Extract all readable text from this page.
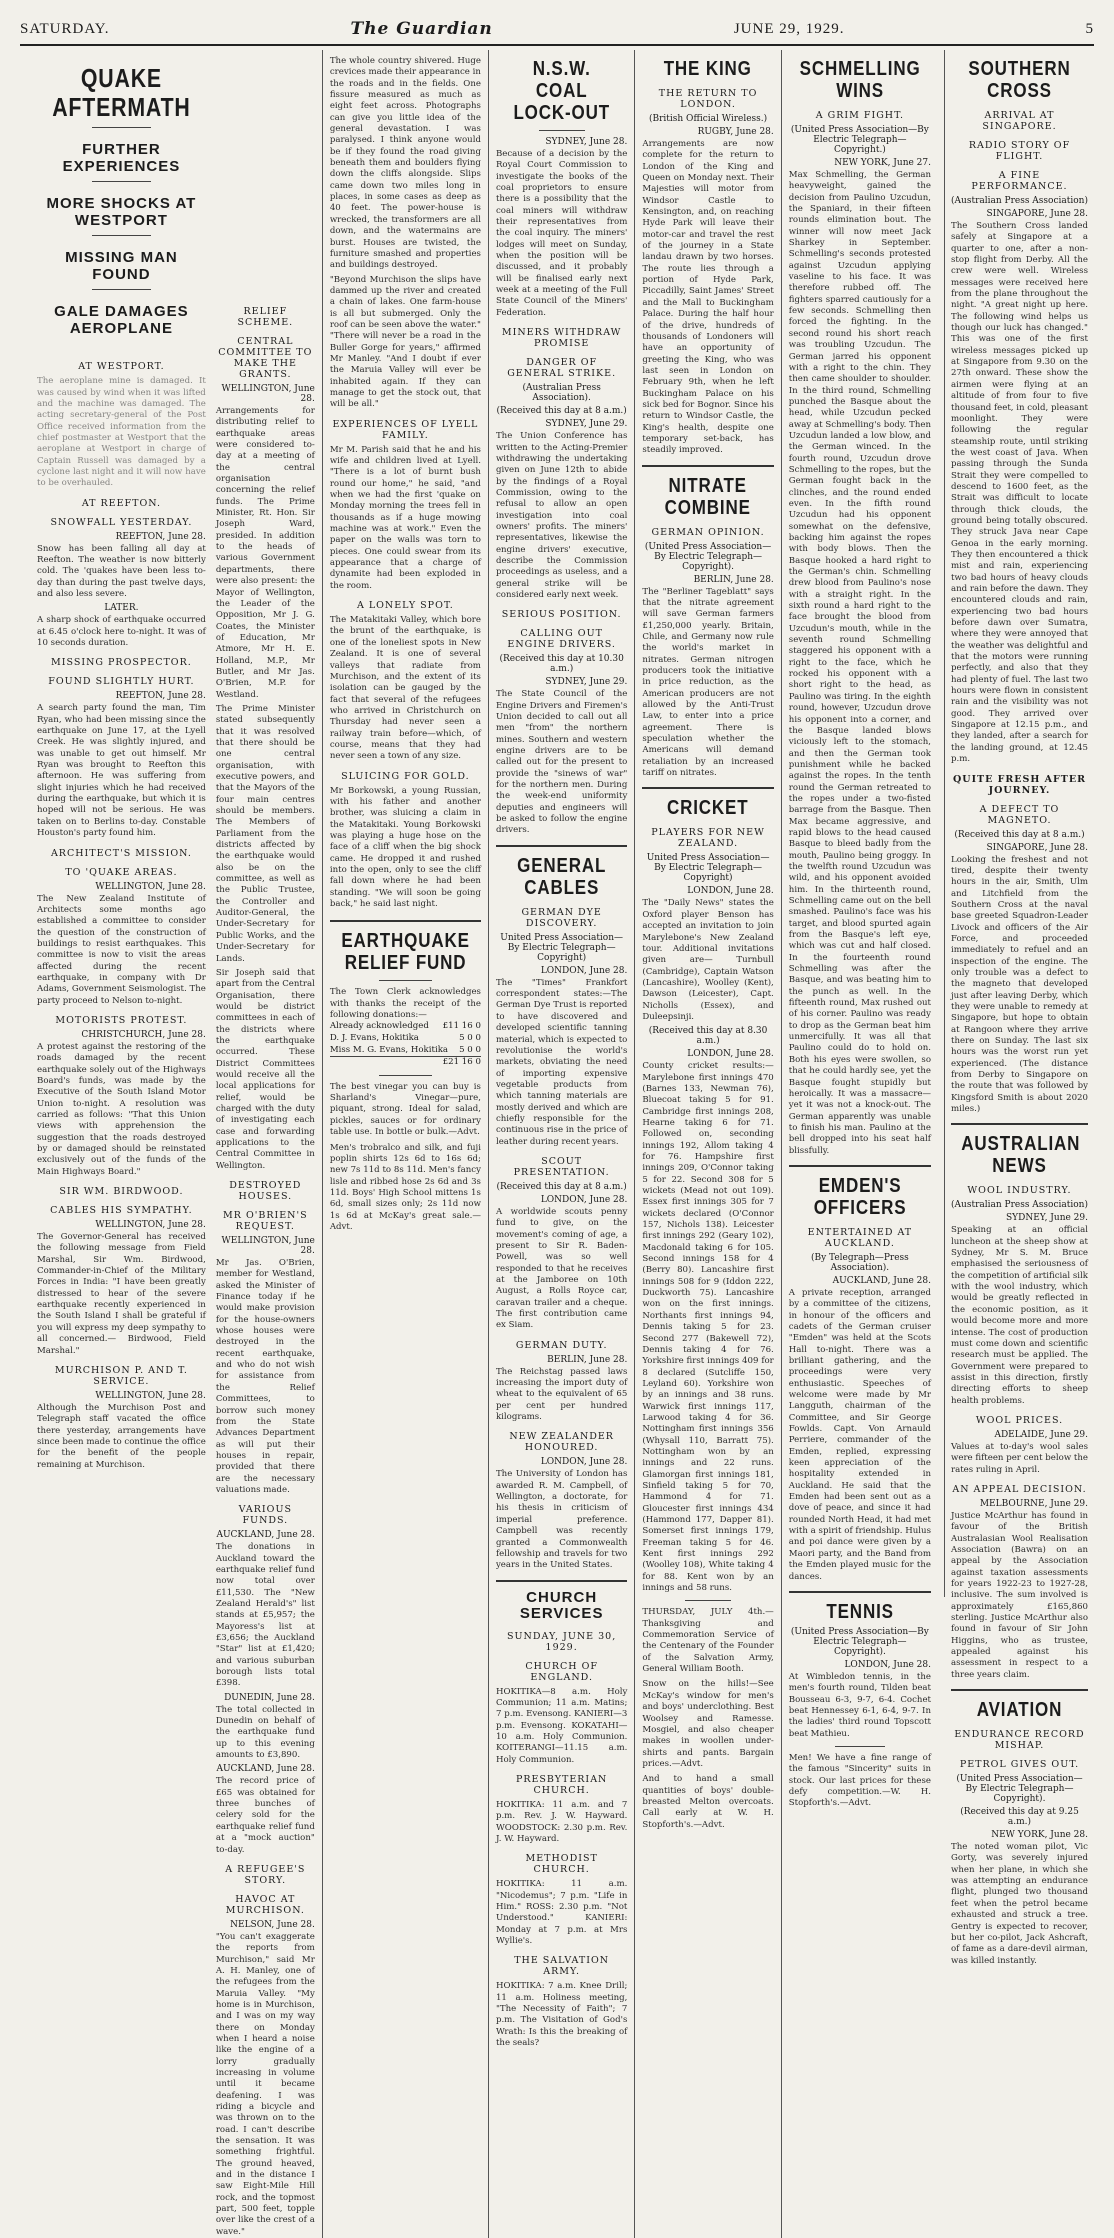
SATURDAY.	The Guardian	JUNE 29, 1929.	5
QUAKE AFTERMATH
FURTHER EXPERIENCES
MORE SHOCKS AT WESTPORT
MISSING MAN FOUND
GALE DAMAGES AEROPLANE
AT WESTPORT.

The aeroplane mine is damaged. It was caused by wind when it was lifted and the machine was damaged. The acting secretary-general of the Post Office received information from the chief postmaster at Westport that the aeroplane at Westport in charge of Captain Russell was damaged by a cyclone last night and it will now have to be overhauled.

AT REEFTON.
SNOWFALL YESTERDAY.
REEFTON, June 28.

Snow has been falling all day at Reefton. The weather is now bitterly cold. The 'quakes have been less to-day than during the past twelve days, and also less severe.

LATER.

A sharp shock of earthquake occurred at 6.45 o'clock here to-night. It was of 10 seconds duration.

MISSING PROSPECTOR.
FOUND SLIGHTLY HURT.
REEFTON, June 28.

A search party found the man, Tim Ryan, who had been missing since the earthquake on June 17, at the Lyell Creek. He was slightly injured, and was unable to get out himself. Mr Ryan was brought to Reefton this afternoon. He was suffering from slight injuries which he had received during the earthquake, but which it is hoped will not be serious. He was taken on to Berlins to-day. Constable Houston's party found him.

ARCHITECT'S MISSION.
TO 'QUAKE AREAS.
WELLINGTON, June 28.

The New Zealand Institute of Architects some months ago established a committee to consider the question of the construction of buildings to resist earthquakes. This committee is now to visit the areas affected during the recent earthquake, in company with Dr Adams, Government Seismologist. The party proceed to Nelson to-night.

MOTORISTS PROTEST.
CHRISTCHURCH, June 28.

A protest against the restoring of the roads damaged by the recent earthquake solely out of the Highways Board's funds, was made by the Executive of the South Island Motor Union to-night. A resolution was carried as follows: "That this Union views with apprehension the suggestion that the roads destroyed by or damaged should be reinstated exclusively out of the funds of the Main Highways Board."

SIR WM. BIRDWOOD.
CABLES HIS SYMPATHY.
WELLINGTON, June 28.

The Governor-General has received the following message from Field Marshal, Sir Wm. Birdwood, Commander-in-Chief of the Military Forces in India: "I have been greatly distressed to hear of the severe earthquake recently experienced in the South Island I shall be grateful if you will express my deep sympathy to all concerned.— Birdwood, Field Marshal."

MURCHISON P. AND T. SERVICE.
WELLINGTON, June 28.

Although the Murchison Post and Telegraph staff vacated the office there yesterday, arrangements have since been made to continue the office for the benefit of the people remaining at Murchison.

RELIEF SCHEME.
CENTRAL COMMITTEE TO MAKE THE GRANTS.
WELLINGTON, June 28.

Arrangements for distributing relief to earthquake areas were considered to-day at a meeting of the central organisation concerning the relief funds. The Prime Minister, Rt. Hon. Sir Joseph Ward, presided. In addition to the heads of various Government departments, there were also present: the Mayor of Wellington, the Leader of the Opposition, Mr J. G. Coates, the Minister of Education, Mr Atmore, Mr H. E. Holland, M.P., Mr Butler, and Mr Jas. O'Brien, M.P. for Westland.

The Prime Minister stated subsequently that it was resolved that there should be one central organisation, with executive powers, and that the Mayors of the four main centres should be members. The Members of Parliament from the districts affected by the earthquake would also be on the committee, as well as the Public Trustee, the Controller and Auditor-General, the Under-Secretary for Public Works, and the Under-Secretary for Lands.

Sir Joseph said that apart from the Central Organisation, there would be district committees in each of the districts where the earthquake occurred. These District Committees would receive all the local applications for relief, would be charged with the duty of investigating each case and forwarding applications to the Central Committee in Wellington.

DESTROYED HOUSES.
MR O'BRIEN'S REQUEST.
WELLINGTON, June 28.

Mr Jas. O'Brien, member for Westland, asked the Minister of Finance today if he would make provision for the house-owners whose houses were destroyed in the recent earthquake, and who do not wish for assistance from the Relief Committees, to borrow such money from the State Advances Department as will put their houses in repair, provided that there are the necessary valuations made.

VARIOUS FUNDS.
AUCKLAND, June 28.

The donations in Auckland toward the earthquake relief fund now total over £11,530. The "New Zealand Herald's" list stands at £5,957; the Mayoress's list at £3,656; the Auckland "Star" list at £1,420; and various suburban borough lists total £398.

DUNEDIN, June 28.

The total collected in Dunedin on behalf of the earthquake fund up to this evening amounts to £3,890.

AUCKLAND, June 28.

The record price of £65 was obtained for three bunches of celery sold for the earthquake relief fund at a "mock auction" to-day.

A REFUGEE'S STORY.
HAVOC AT MURCHISON.
NELSON, June 28.

"You can't exaggerate the reports from Murchison," said Mr A. H. Manley, one of the refugees from the Maruia Valley. "My home is in Murchison, and I was on my way there on Monday when I heard a noise like the engine of a lorry gradually increasing in volume until it became deafening. I was riding a bicycle and was thrown on to the road. I can't describe the sensation. It was something frightful. The ground heaved, and in the distance I saw Eight-Mile Hill rock, and the topmost part, 500 feet, topple over like the crest of a wave."

The whole country shivered. Huge crevices made their appearance in the roads and in the fields. One fissure measured as much as eight feet across. Photographs can give you little idea of the general devastation. I was paralysed. I think anyone would be if they found the road giving beneath them and boulders flying down the cliffs alongside. Slips came down two miles long in places, in some cases as deep as 40 feet. The power-house is wrecked, the transformers are all down, and the watermains are burst. Houses are twisted, the furniture smashed and properties and buildings destroyed.

"Beyond Murchison the slips have dammed up the river and created a chain of lakes. One farm-house is all but submerged. Only the roof can be seen above the water." "There will never be a road in the Buller Gorge for years," affirmed Mr Manley. "And I doubt if ever the Maruia Valley will ever be inhabited again. If they can manage to get the stock out, that will be all."

EXPERIENCES OF LYELL FAMILY.

Mr M. Parish said that he and his wife and children lived at Lyell. "There is a lot of burnt bush round our home," he said, "and when we had the first 'quake on Monday morning the trees fell in thousands as if a huge mowing machine was at work." Even the paper on the walls was torn to pieces. One could swear from its appearance that a charge of dynamite had been exploded in the room.

A LONELY SPOT.

The Matakitaki Valley, which bore the brunt of the earthquake, is one of the loneliest spots in New Zealand. It is one of several valleys that radiate from Murchison, and the extent of its isolation can be gauged by the fact that several of the refugees who arrived in Christchurch on Thursday had never seen a railway train before—which, of course, means that they had never seen a town of any size.

SLUICING FOR GOLD.

Mr Borkowski, a young Russian, with his father and another brother, was sluicing a claim in the Matakitaki. Young Borkowski was playing a huge hose on the face of a cliff when the big shock came. He dropped it and rushed into the open, only to see the cliff fall down where he had been standing. "We will soon be going back," he said last night.

EARTHQUAKE RELIEF FUND

The Town Clerk acknowledges with thanks the receipt of the following donations:—

Already acknowledged £11 16 0
D. J. Evans, Hokitika	5 0 0
Miss M. G. Evans, Hokitika 5 0 0
£21 16 0

The best vinegar you can buy is Sharland's Vinegar—pure, piquant, strong. Ideal for salad, pickles, sauces or for ordinary table use. In bottle or bulk.—Advt.

Men's trobralco and silk, and fuji poplin shirts 12s 6d to 16s 6d; new 7s 11d to 8s 11d. Men's fancy lisle and ribbed hose 2s 6d and 3s 11d. Boys' High School mittens 1s 6d, small sizes only; 2s 11d now 1s 6d at McKay's great sale.—Advt.

N.S.W. COAL LOCK-OUT
SYDNEY, June 28.

Because of a decision by the Royal Court Commission to investigate the books of the coal proprietors to ensure there is a possibility that the coal miners will withdraw their representatives from the coal inquiry. The miners' lodges will meet on Sunday, when the position will be discussed, and it probably will be finalised early next week at a meeting of the Full State Council of the Miners' Federation.

MINERS WITHDRAW PROMISE
DANGER OF GENERAL STRIKE.
(Australian Press Association).
(Received this day at 8 a.m.)
SYDNEY, June 29.

The Union Conference has written to the Acting-Premier withdrawing the undertaking given on June 12th to abide by the findings of a Royal Commission, owing to the refusal to allow an open investigation into coal owners' profits. The miners' representatives, likewise the engine drivers' executive, describe the Commission proceedings as useless, and a general strike will be considered early next week.

SERIOUS POSITION.
CALLING OUT ENGINE DRIVERS.
(Received this day at 10.30 a.m.)
SYDNEY, June 29.

The State Council of the Engine Drivers and Firemen's Union decided to call out all men "from" the northern mines. Southern and western engine drivers are to be called out for the present to provide the "sinews of war" for the northern men. During the week-end uniformity deputies and engineers will be asked to follow the engine drivers.

GENERAL CABLES
GERMAN DYE DISCOVERY.
United Press Association—By Electric Telegraph—Copyright)
LONDON, June 28.

The "Times" Frankfort correspondent states:—The German Dye Trust is reported to have discovered and developed scientific tanning material, which is expected to revolutionise the world's markets, obviating the need of importing expensive vegetable products from which tanning materials are mostly derived and which are chiefly responsible for the continuous rise in the price of leather during recent years.

SCOUT PRESENTATION.
(Received this day at 8 a.m.)
LONDON, June 28.

A worldwide scouts penny fund to give, on the movement's coming of age, a present to Sir R. Baden-Powell, was so well responded to that he receives at the Jamboree on 10th August, a Rolls Royce car, caravan trailer and a cheque. The first contribution came ex Siam.

GERMAN DUTY.
BERLIN, June 28.

The Reichstag passed laws increasing the import duty of wheat to the equivalent of 65 per cent per hundred kilograms.

NEW ZEALANDER HONOURED.
LONDON, June 28.

The University of London has awarded R. M. Campbell, of Wellington, a doctorate, for his thesis in criticism of imperial preference. Campbell was recently granted a Commonwealth fellowship and travels for two years in the United States.

CHURCH SERVICES
SUNDAY, JUNE 30, 1929.
CHURCH OF ENGLAND.

HOKITIKA—8 a.m. Holy Communion; 11 a.m. Matins; 7 p.m. Evensong. KANIERI—3 p.m. Evensong. KOKATAHI—10 a.m. Holy Communion. KOITERANGI—11.15 a.m. Holy Communion.

PRESBYTERIAN CHURCH.

HOKITIKA: 11 a.m. and 7 p.m. Rev. J. W. Hayward. WOODSTOCK: 2.30 p.m. Rev. J. W. Hayward.

METHODIST CHURCH.

HOKITIKA: 11 a.m. "Nicodemus"; 7 p.m. "Life in Him." ROSS: 2.30 p.m. "Not Understood." KANIERI: Monday at 7 p.m. at Mrs Wyllie's.

THE SALVATION ARMY.

HOKITIKA: 7 a.m. Knee Drill; 11 a.m. Holiness meeting, "The Necessity of Faith"; 7 p.m. The Visitation of God's Wrath: Is this the breaking of the seals?

THE KING
THE RETURN TO LONDON.
(British Official Wireless.)
RUGBY, June 28.

Arrangements are now complete for the return to London of the King and Queen on Monday next. Their Majesties will motor from Windsor Castle to Kensington, and, on reaching Hyde Park will leave their motor-car and travel the rest of the journey in a State landau drawn by two horses. The route lies through a portion of Hyde Park, Piccadilly, Saint James' Street and the Mall to Buckingham Palace. During the half hour of the drive, hundreds of thousands of Londoners will have an opportunity of greeting the King, who was last seen in London on February 9th, when he left Buckingham Palace on his sick bed for Bognor. Since his return to Windsor Castle, the King's health, despite one temporary set-back, has steadily improved.

NITRATE COMBINE
GERMAN OPINION.
(United Press Association—By Electric Telegraph—Copyright).
BERLIN, June 28.

The "Berliner Tageblatt" says that the nitrate agreement will save German farmers £1,250,000 yearly. Britain, Chile, and Germany now rule the world's market in nitrates. German nitrogen producers took the initiative in price reduction, as the American producers are not allowed by the Anti-Trust Law, to enter into a price agreement. There is speculation whether the Americans will demand retaliation by an increased tariff on nitrates.

CRICKET
PLAYERS FOR NEW ZEALAND.
United Press Association—By Electric Telegraph—Copyright)
LONDON, June 28.

The "Daily News" states the Oxford player Benson has accepted an invitation to join Marylebone's New Zealand tour. Additional invitations given are— Turnbull (Cambridge), Captain Watson (Lancashire), Woolley (Kent), Dawson (Leicester), Capt. Nicholls (Essex), and Duleepsinji.

(Received this day at 8.30 a.m.)
LONDON, June 28.

County cricket results:— Marylebone first innings 470 (Barnes 133, Newman 76), Bluecoat taking 5 for 91. Cambridge first innings 208, Hearne taking 6 for 71. Followed on, seconding innings 192, Allom taking 4 for 76. Hampshire first innings 209, O'Connor taking 5 for 22. Second 308 for 5 wickets (Mead not out 109). Essex first innings 305 for 7 wickets declared (O'Connor 157, Nichols 138). Leicester first innings 292 (Geary 102), Macdonald taking 6 for 105. Second innings 158 for 4 (Berry 80). Lancashire first innings 508 for 9 (Iddon 222, Duckworth 75). Lancashire won on the first innings. Northants first innings 94, Dennis taking 5 for 23. Second 277 (Bakewell 72), Dennis taking 4 for 76. Yorkshire first innings 409 for 8 declared (Sutcliffe 150, Leyland 60). Yorkshire won by an innings and 38 runs. Warwick first innings 117, Larwood taking 4 for 36. Nottingham first innings 356 (Whysall 110, Barratt 75). Nottingham won by an innings and 22 runs. Glamorgan first innings 181, Sinfield taking 5 for 70, Hammond 4 for 71. Gloucester first innings 434 (Hammond 177, Dapper 81). Somerset first innings 179, Freeman taking 5 for 46. Kent first innings 292 (Woolley 108), White taking 4 for 88. Kent won by an innings and 58 runs.

THURSDAY, JULY 4th.—Thanksgiving and Commemoration Service of the Centenary of the Founder of the Salvation Army, General William Booth.

Snow on the hills!—See McKay's window for men's and boys' underclothing. Best Woolsey and Ramesse. Mosgiel, and also cheaper makes in woollen under-shirts and pants. Bargain prices.—Advt.

And to hand a small quantities of boys' double-breasted Melton overcoats. Call early at W. H. Stopforth's.—Advt.

SCHMELLING WINS
A GRIM FIGHT.
(United Press Association—By Electric Telegraph—Copyright.)
NEW YORK, June 27.

Max Schmelling, the German heavyweight, gained the decision from Paulino Uzcudun, the Spaniard, in their fifteen rounds elimination bout. The winner will now meet Jack Sharkey in September. Schmelling's seconds protested against Uzcudun applying vaseline to his face. It was therefore rubbed off. The fighters sparred cautiously for a few seconds. Schmelling then forced the fighting. In the second round his short reach was troubling Uzcudun. The German jarred his opponent with a right to the chin. They then came shoulder to shoulder. In the third round, Schmelling punched the Basque about the head, while Uzcudun pecked away at Schmelling's body. Then Uzcudun landed a low blow, and the German winced. In the fourth round, Uzcudun drove Schmelling to the ropes, but the German fought back in the clinches, and the round ended even. In the fifth round Uzcudun had his opponent somewhat on the defensive, backing him against the ropes with body blows. Then the Basque hooked a hard right to the German's chin. Schmelling drew blood from Paulino's nose with a straight right. In the sixth round a hard right to the face brought the blood from Uzcudun's mouth, while in the seventh round Schmelling staggered his opponent with a right to the face, which he rocked his opponent with a short right to the head, as Paulino was tiring. In the eighth round, however, Uzcudun drove his opponent into a corner, and the Basque landed blows viciously left to the stomach, and then the German took punishment while he backed against the ropes. In the tenth round the German retreated to the ropes under a two-fisted barrage from the Basque. Then Max became aggressive, and rapid blows to the head caused Basque to bleed badly from the mouth, Paulino being groggy. In the twelfth round Uzcudun was wild, and his opponent avoided him. In the thirteenth round, Schmelling came out on the bell smashed. Paulino's face was his target, and blood spurted again from the Basque's left eye, which was cut and half closed. In the fourteenth round Schmelling was after the Basque, and was beating him to the punch as well. In the fifteenth round, Max rushed out of his corner. Paulino was ready to drop as the German beat him unmercifully. It was all that Paulino could do to hold on. Both his eyes were swollen, so that he could hardly see, yet the Basque fought stupidly but heroically. It was a massacre— yet it was not a knock-out. The German apparently was unable to finish his man. Paulino at the bell dropped into his seat half blissfully.

EMDEN'S OFFICERS
ENTERTAINED AT AUCKLAND.
(By Telegraph—Press Association).
AUCKLAND, June 28.

A private reception, arranged by a committee of the citizens, in honour of the officers and cadets of the German cruiser "Emden" was held at the Scots Hall to-night. There was a brilliant gathering, and the proceedings were very enthusiastic. Speeches of welcome were made by Mr Langguth, chairman of the Committee, and Sir George Fowlds. Capt. Von Arnauld Perriere, commander of the Emden, replied, expressing keen appreciation of the hospitality extended in Auckland. He said that the Emden had been sent out as a dove of peace, and since it had rounded North Head, it had met with a spirit of friendship. Hulus and poi dance were given by a Maori party, and the Band from the Emden played music for the dances.

TENNIS
(United Press Association—By Electric Telegraph—Copyright).
LONDON, June 28.

At Wimbledon tennis, in the men's fourth round, Tilden beat Bousseau 6-3, 9-7, 6-4. Cochet beat Hennessey 6-1, 6-4, 9-7. In the ladies' third round Topscott beat Mathieu.

Men! We have a fine range of the famous "Sincerity" suits in stock. Our last prices for these defy competition.—W. H. Stopforth's.—Advt.

SOUTHERN CROSS
ARRIVAL AT SINGAPORE.
RADIO STORY OF FLIGHT.
A FINE PERFORMANCE.
(Australian Press Association)
SINGAPORE, June 28.

The Southern Cross landed safely at Singapore at a quarter to one, after a non-stop flight from Derby. All the crew were well. Wireless messages were received here from the plane throughout the night. "A great night up here. The following wind helps us though our luck has changed." This was one of the first wireless messages picked up at Singapore from 9.30 on the 27th onward. These show the airmen were flying at an altitude of from four to five thousand feet, in cold, pleasant moonlight. They were following the regular steamship route, until striking the west coast of Java. When passing through the Sunda Strait they were compelled to descend to 1600 feet, as the Strait was difficult to locate through thick clouds, the ground being totally obscured. They struck Java near Cape Genoa in the early morning. They then encountered a thick mist and rain, experiencing two bad hours of heavy clouds and rain before the dawn. They encountered clouds and rain, experiencing two bad hours before dawn over Sumatra, where they were annoyed that the weather was delightful and that the motors were running perfectly, and also that they had plenty of fuel. The last two hours were flown in consistent rain and the visibility was not good. They arrived over Singapore at 12.15 p.m., and they landed, after a search for the landing ground, at 12.45 p.m.

QUITE FRESH AFTER JOURNEY.
A DEFECT TO MAGNETO.
(Received this day at 8 a.m.)
SINGAPORE, June 28.

Looking the freshest and not tired, despite their twenty hours in the air, Smith, Ulm and Litchfield from the Southern Cross at the naval base greeted Squadron-Leader Livock and officers of the Air Force, and proceeded immediately to refuel and an inspection of the engine. The only trouble was a defect to the magneto that developed just after leaving Derby, which they were unable to remedy at Singapore, but hope to obtain at Rangoon where they arrive there on Sunday. The last six hours was the worst run yet experienced. (The distance from Derby to Singapore on the route that was followed by Kingsford Smith is about 2020 miles.)

AUSTRALIAN NEWS
WOOL INDUSTRY.
(Australian Press Association)
SYDNEY, June 29.

Speaking at an official luncheon at the sheep show at Sydney, Mr S. M. Bruce emphasised the seriousness of the competition of artificial silk with the wool industry, which would be greatly reflected in the economic position, as it would become more and more intense. The cost of production must come down and scientific research must be applied. The Government were prepared to assist in this direction, firstly directing efforts to sheep health problems.

WOOL PRICES.
ADELAIDE, June 29.

Values at to-day's wool sales were fifteen per cent below the rates ruling in April.

AN APPEAL DECISION.
MELBOURNE, June 29.

Justice McArthur has found in favour of the British Australasian Wool Realisation Association (Bawra) on an appeal by the Association against taxation assessments for years 1922-23 to 1927-28, inclusive. The sum involved is approximately £165,860 sterling. Justice McArthur also found in favour of Sir John Higgins, who as trustee, appealed against his assessment in respect to a three years claim.

AVIATION
ENDURANCE RECORD MISHAP.
PETROL GIVES OUT.
(United Press Association—By Electric Telegraph—Copyright).
(Received this day at 9.25 a.m.)
NEW YORK, June 28.

The noted woman pilot, Vic Gorty, was severely injured when her plane, in which she was attempting an endurance flight, plunged two thousand feet when the petrol became exhausted and struck a tree. Gentry is expected to recover, but her co-pilot, Jack Ashcraft, of fame as a dare-devil airman, was killed instantly.
